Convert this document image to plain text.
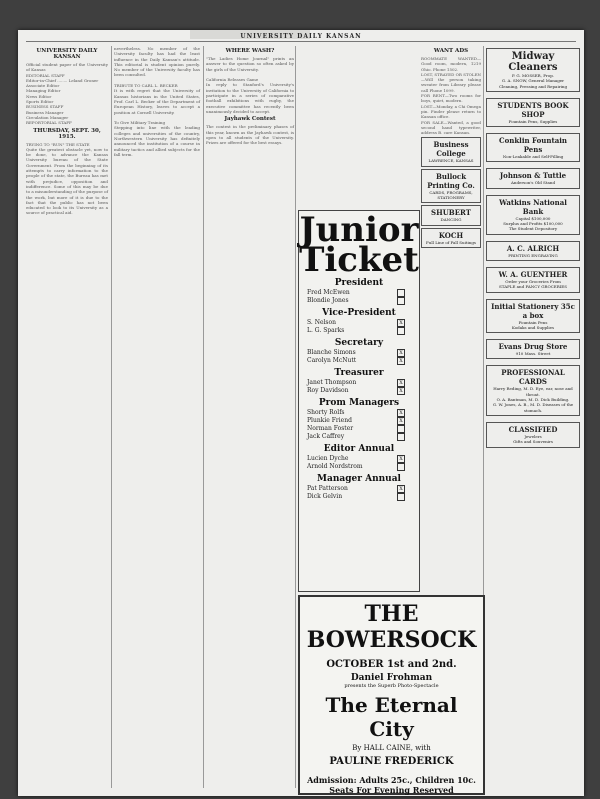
UNIVERSITY DAILY KANSAN
UNIVERSITY DAILY KANSAN
Official student paper of the University of Kansas
EDITORIAL STAFF
Editor-in-Chief ........ Leland Groner
Associate Editor
Managing Editor
News Editor
Sports Editor
BUSINESS STAFF
Business Manager
Circulation Manager
REPORTORIAL STAFF
THURSDAY, SEPT. 30, 1915.
TRYING TO "RUN" THE STATE
Quite the greatest obstacle yet, now to be done, to advance the Kansas University bureau of the State Government. From the beginning of its attempts to carry information to the people of the state, the Bureau has met with prejudice, opposition and indifference. Some of this may be due to a misunderstanding of the purpose of the work, but more of it is due to the fact that the public has not been educated to look to its University as a source of practical aid.
nevertheless. No member of the University faculty has had the least influence in the Daily Kansan's attitude. This editorial is student opinion purely. No member of the University faculty has been consulted.

TRIBUTE TO CARL L. BECKER
It is with regret that the University of Kansas historians in the United States, Prof. Carl L. Becker of the Department of European History, leaves to accept a position at Cornell University.

To Give Military Training
Stepping into line with the leading colleges and universities of the country, Northwestern University has definitely announced the institution of a course in military tactics and allied subjects for the fall term.
WHERE WASH?
"The Ladies Home Journal" prints an answer to the question so often asked by the girls of the University.

California Releases Game
In reply to Stanford's University's invitation to the University of California to participate in a series of comparative football exhibitions with rugby, the executive committee has recently been unanimously decided to accept.
Jayhawk Contest
The contest in the preliminary phases of this year, known as the Jayhawk contest, is open to all students of the University. Prizes are offered for the best essays.
Junior
Ticket
President
Fred McEwen
Blondie Jones
Vice-President
S. Nelson	X
L. G. Sparks
Secretary
Blanche Simons	X
Carolyn McNutt	X
Treasurer
Janet Thompson	X
Roy Davidson	X
Prom Managers
Shorty Rolfs	X
Plunkie Friend	X
Norman Foster
Jack Caffrey
Editor Annual
Lucien Dyche	X
Arnold Nordstrom
Manager Annual
Pat Patterson	X
Dick Gelvin
WANT ADS
ROOMMATE WANTED—Good room, modern, 1219 Ohio. Phone 1502.
LOST, STRAYED OR STOLEN—Will the person taking sweater from Library please call Phone 1099.
FOR RENT—Two rooms for boys, quiet, modern.
LOST—Monday, a Chi Omega pin. Finder please return to Kansan office.
FOR SALE—Wanted, a good second hand typewriter, address B. care Kansan.
Business College
LAWRENCE, KANSAS
Bullock Printing Co.
CARDS, PROGRAMS, STATIONERY
SHUBERT
DANCING
KOCH
Full Line of Fall Suitings
THE BOWERSOCK
OCTOBER 1st and 2nd.
Daniel Frohman
presents the Superb Photo-Spectacle
The Eternal City
By HALL CAINE, with
PAULINE FREDERICK
Admission: Adults 25c., Children 10c.
Seats For Evening Reserved
Midway Cleaners
P. G. MOSSER, Prop.
G. A. SNOW, General Manager
Cleaning, Pressing and Repairing
STUDENTS BOOK SHOP
Fountain Pens, Supplies
Conklin Fountain Pens
Non-Leakable and Self-Filling
Johnson & Tuttle
Anderson's Old Stand
Watkins National Bank
Capital $100,000
Surplus and Profits $100,000
The Student Depository
A. C. ALRICH
PRINTING ENGRAVING
W. A. GUENTHER
Order your Groceries From
STAPLE and FANCY GROCERIES
Initial Stationery 35c a box
Fountain Pens
Kodaks and Supplies
Evans Drug Store
910 Mass. Street
PROFESSIONAL CARDS
Harry Reding, M. D. Eye, ear, nose and throat.
O. A. Bantman, M. D. Dick Building.
G. W. Jones, A. B., M. D. Diseases of the stomach.
CLASSIFIED
Jewelers
Gifts and Souvenirs
